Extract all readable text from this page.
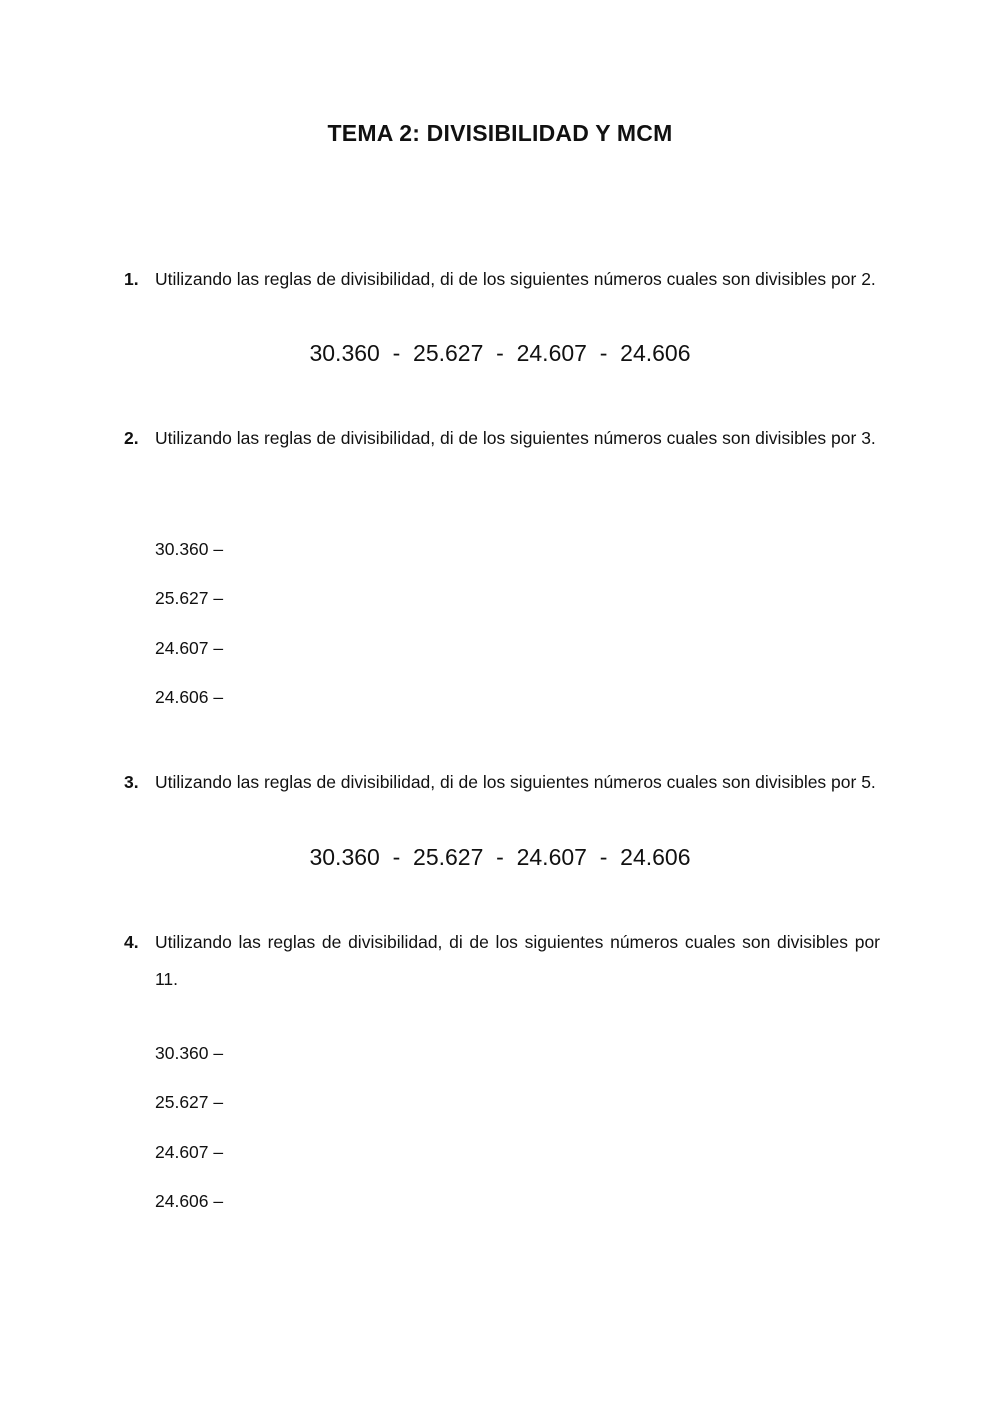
TEMA 2: DIVISIBILIDAD Y MCM
1. Utilizando las reglas de divisibilidad, di de los siguientes números cuales son divisibles por 2.
30.360  -  25.627  -  24.607  -  24.606
2. Utilizando las reglas de divisibilidad, di de los siguientes números cuales son divisibles por 3.
30.360 –
25.627 –
24.607 –
24.606 –
3. Utilizando las reglas de divisibilidad, di de los siguientes números cuales son divisibles por 5.
30.360  -  25.627  -  24.607  -  24.606
4. Utilizando las reglas de divisibilidad, di de los siguientes números cuales son divisibles por 11.
30.360 –
25.627 –
24.607 –
24.606 –
